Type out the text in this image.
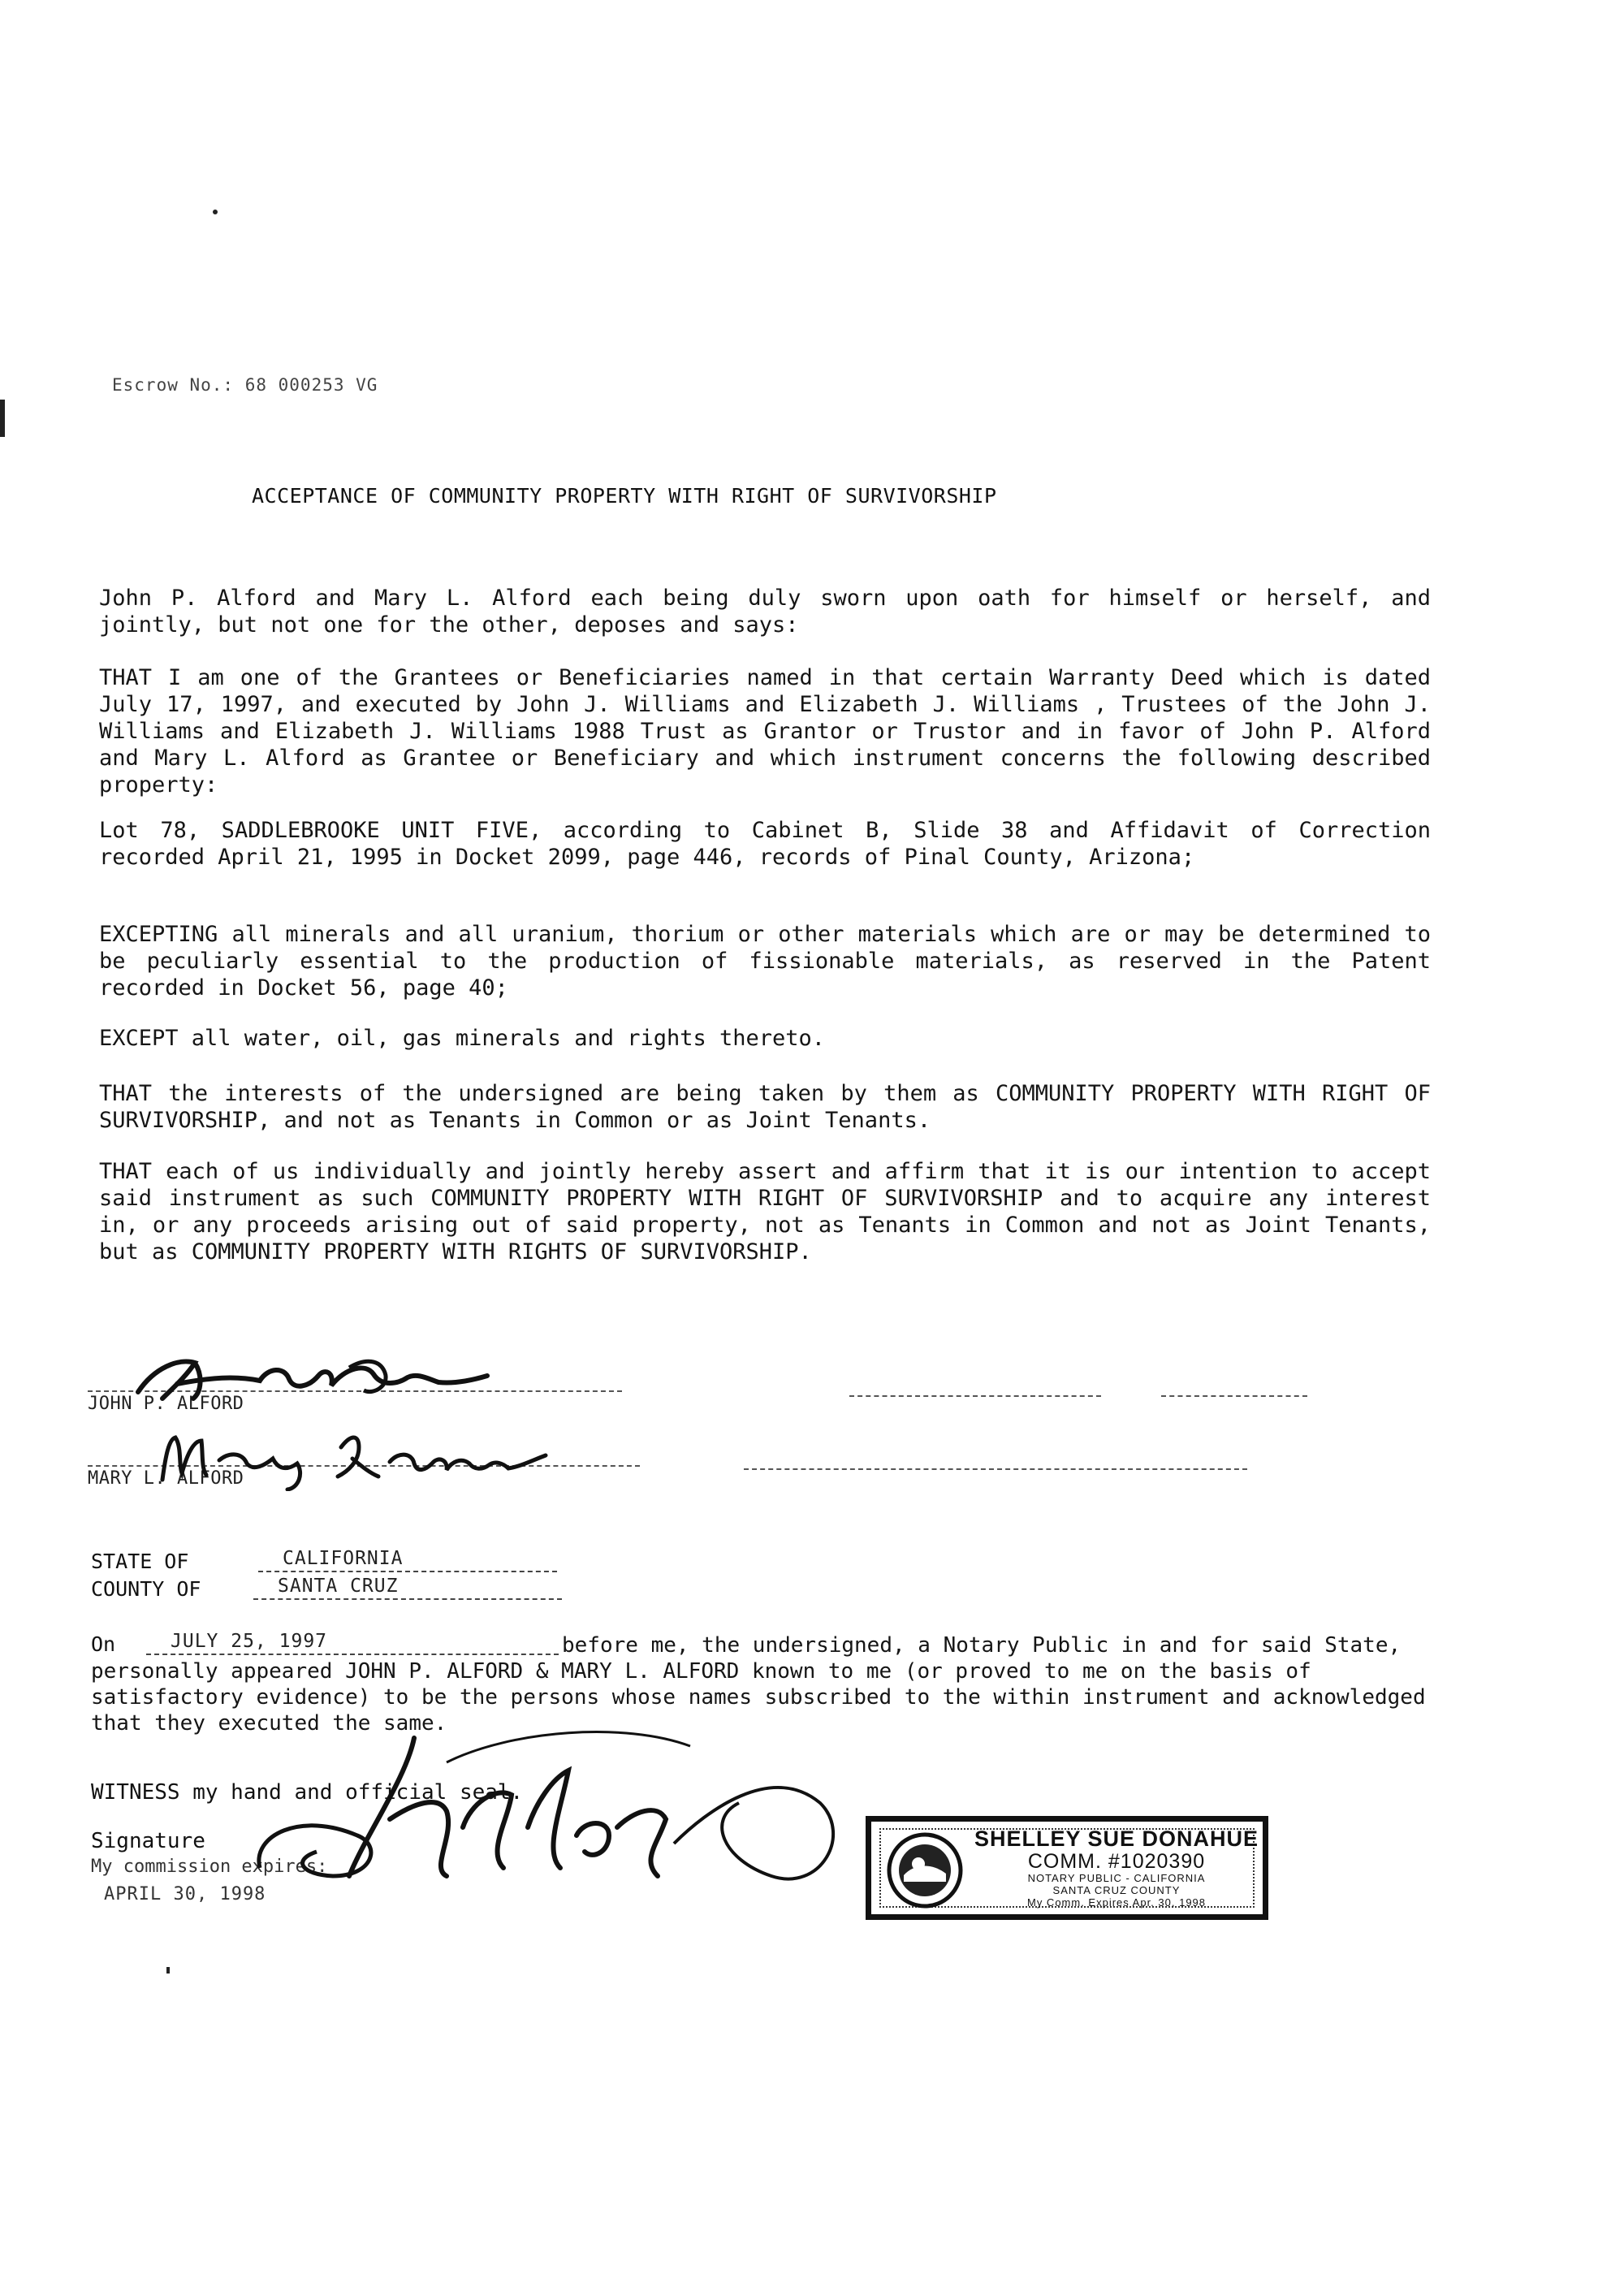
Escrow No.: 68 000253 VG

ACCEPTANCE OF COMMUNITY PROPERTY WITH RIGHT OF SURVIVORSHIP

John P. Alford and Mary L. Alford each being duly sworn upon oath for himself or herself, and jointly, but not one for the other, deposes and says:

THAT I am one of the Grantees or Beneficiaries named in that certain Warranty Deed which is dated July 17, 1997, and executed by John J. Williams and Elizabeth J. Williams , Trustees of the John J. Williams and Elizabeth J. Williams 1988 Trust as Grantor or Trustor and in favor of John P. Alford and Mary L. Alford as Grantee or Beneficiary and which instrument concerns the following described property:

Lot 78, SADDLEBROOKE UNIT FIVE, according to Cabinet B, Slide 38 and Affidavit of Correction recorded April 21, 1995 in Docket 2099, page 446, records of Pinal County, Arizona;

EXCEPTING all minerals and all uranium, thorium or other materials which are or may be determined to be peculiarly essential to the production of fissionable materials, as reserved in the Patent recorded in Docket 56, page 40;

EXCEPT all water, oil, gas minerals and rights thereto.

THAT the interests of the undersigned are being taken by them as COMMUNITY PROPERTY WITH RIGHT OF SURVIVORSHIP, and not as Tenants in Common or as Joint Tenants.

THAT each of us individually and jointly hereby assert and affirm that it is our intention to accept said instrument as such COMMUNITY PROPERTY WITH RIGHT OF SURVIVORSHIP and to acquire any interest in, or any proceeds arising out of said property, not as Tenants in Common and not as Joint Tenants, but as COMMUNITY PROPERTY WITH RIGHTS OF SURVIVORSHIP.

JOHN P. ALFORD
MARY L. ALFORD
STATE OF	CALIFORNIA
COUNTY OF	SANTA CRUZ
On	JULY 25, 1997	before me, the undersigned, a Notary Public in and for said State, personally appeared JOHN P. ALFORD & MARY L. ALFORD known to me (or proved to me on the basis of satisfactory evidence) to be the persons whose names subscribed to the within instrument and acknowledged that they executed the same.

WITNESS my hand and official seal.
Signature
My commission expires:
APRIL 30, 1998
SHELLEY SUE DONAHUE
COMM. #1020390
NOTARY PUBLIC - CALIFORNIA
SANTA CRUZ COUNTY
My Comm. Expires Apr. 30, 1998
